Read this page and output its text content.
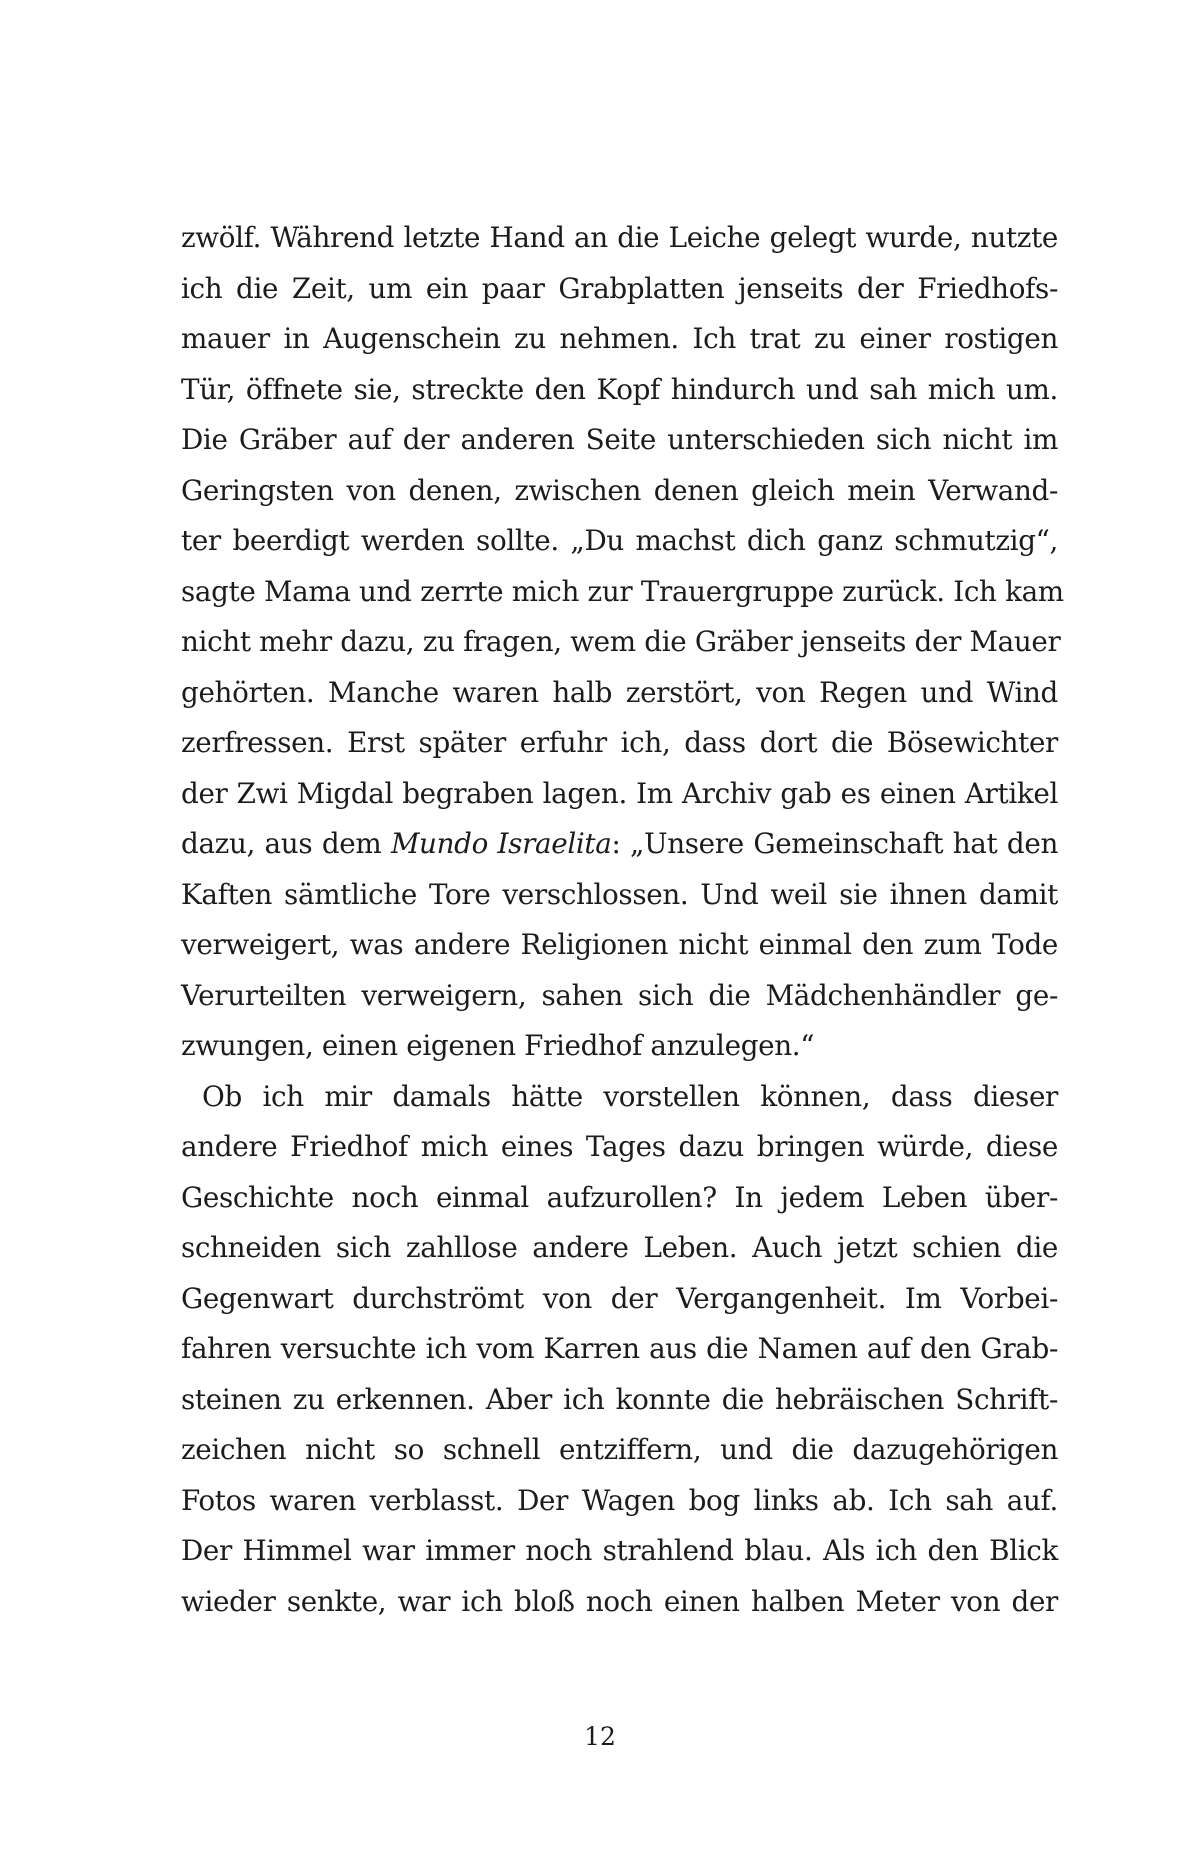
zwölf. Während letzte Hand an die Leiche gelegt wurde, nutzte
ich die Zeit, um ein paar Grabplatten jenseits der Friedhofs-
mauer in Augenschein zu nehmen. Ich trat zu einer rostigen
Tür, öffnete sie, streckte den Kopf hindurch und sah mich um.
Die Gräber auf der anderen Seite unterschieden sich nicht im
Geringsten von denen, zwischen denen gleich mein Verwand-
ter beerdigt werden sollte. „Du machst dich ganz schmutzig“,
sagte Mama und zerrte mich zur Trauergruppe zurück. Ich kam
nicht mehr dazu, zu fragen, wem die Gräber jenseits der Mauer
gehörten. Manche waren halb zerstört, von Regen und Wind
zerfressen. Erst später erfuhr ich, dass dort die Bösewichter
der Zwi Migdal begraben lagen. Im Archiv gab es einen Artikel
dazu, aus dem Mundo Israelita: „Unsere Gemeinschaft hat den
Kaften sämtliche Tore verschlossen. Und weil sie ihnen damit
verweigert, was andere Religionen nicht einmal den zum Tode
Verurteilten verweigern, sahen sich die Mädchenhändler ge-
zwungen, einen eigenen Friedhof anzulegen.“
Ob ich mir damals hätte vorstellen können, dass dieser
andere Friedhof mich eines Tages dazu bringen würde, diese
Geschichte noch einmal aufzurollen? In jedem Leben über-
schneiden sich zahllose andere Leben. Auch jetzt schien die
Gegenwart durchströmt von der Vergangenheit. Im Vorbei-
fahren versuchte ich vom Karren aus die Namen auf den Grab-
steinen zu erkennen. Aber ich konnte die hebräischen Schrift-
zeichen nicht so schnell entziffern, und die dazugehörigen
Fotos waren verblasst. Der Wagen bog links ab. Ich sah auf.
Der Himmel war immer noch strahlend blau. Als ich den Blick
wieder senkte, war ich bloß noch einen halben Meter von der
12
